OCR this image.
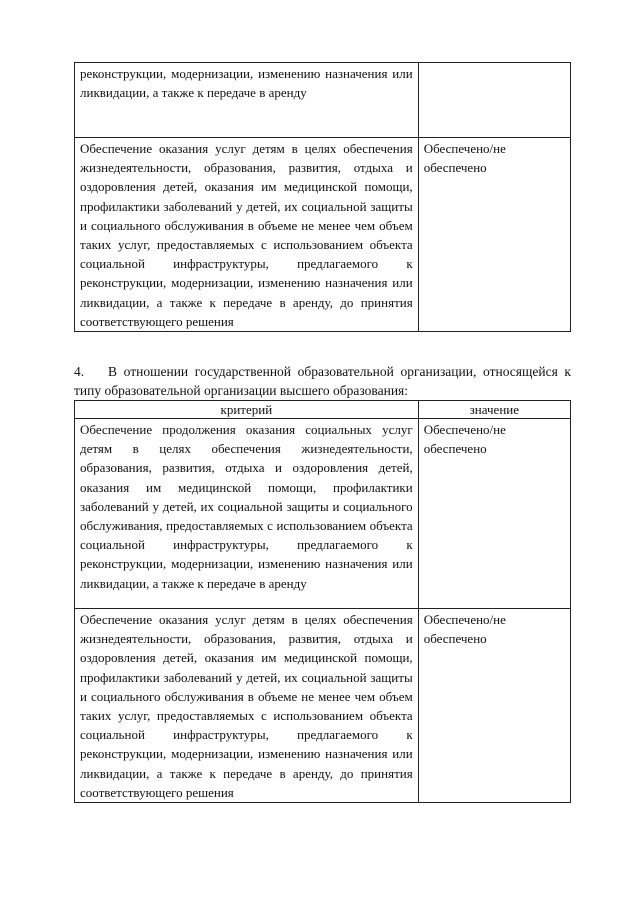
реконструкции, модернизации, изменению назначения или ликвидации, а также к передаче в аренду	
Обеспечение оказания услуг детям в целях обеспечения жизнедеятельности, образования, развития, отдыха и оздоровления детей, оказания им медицинской помощи, профилактики заболеваний у детей, их социальной защиты и социального обслуживания в объеме не менее чем объем таких услуг, предоставляемых с использованием объекта социальной инфраструктуры, предлагаемого к реконструкции, модернизации, изменению назначения или ликвидации, а также к передаче в аренду, до принятия соответствующего решения	Обеспечено/не обеспечено

4. В отношении государственной образовательной организации, относящейся к типу образовательной организации высшего образования:

критерий	значение
Обеспечение продолжения оказания социальных услуг детям в целях обеспечения жизнедеятельности, образования, развития, отдыха и оздоровления детей, оказания им медицинской помощи, профилактики заболеваний у детей, их социальной защиты и социального обслуживания, предоставляемых с использованием объекта социальной инфраструктуры, предлагаемого к реконструкции, модернизации, изменению назначения или ликвидации, а также к передаче в аренду	Обеспечено/не обеспечено
Обеспечение оказания услуг детям в целях обеспечения жизнедеятельности, образования, развития, отдыха и оздоровления детей, оказания им медицинской помощи, профилактики заболеваний у детей, их социальной защиты и социального обслуживания в объеме не менее чем объем таких услуг, предоставляемых с использованием объекта социальной инфраструктуры, предлагаемого к реконструкции, модернизации, изменению назначения или ликвидации, а также к передаче в аренду, до принятия соответствующего решения	Обеспечено/не обеспечено
